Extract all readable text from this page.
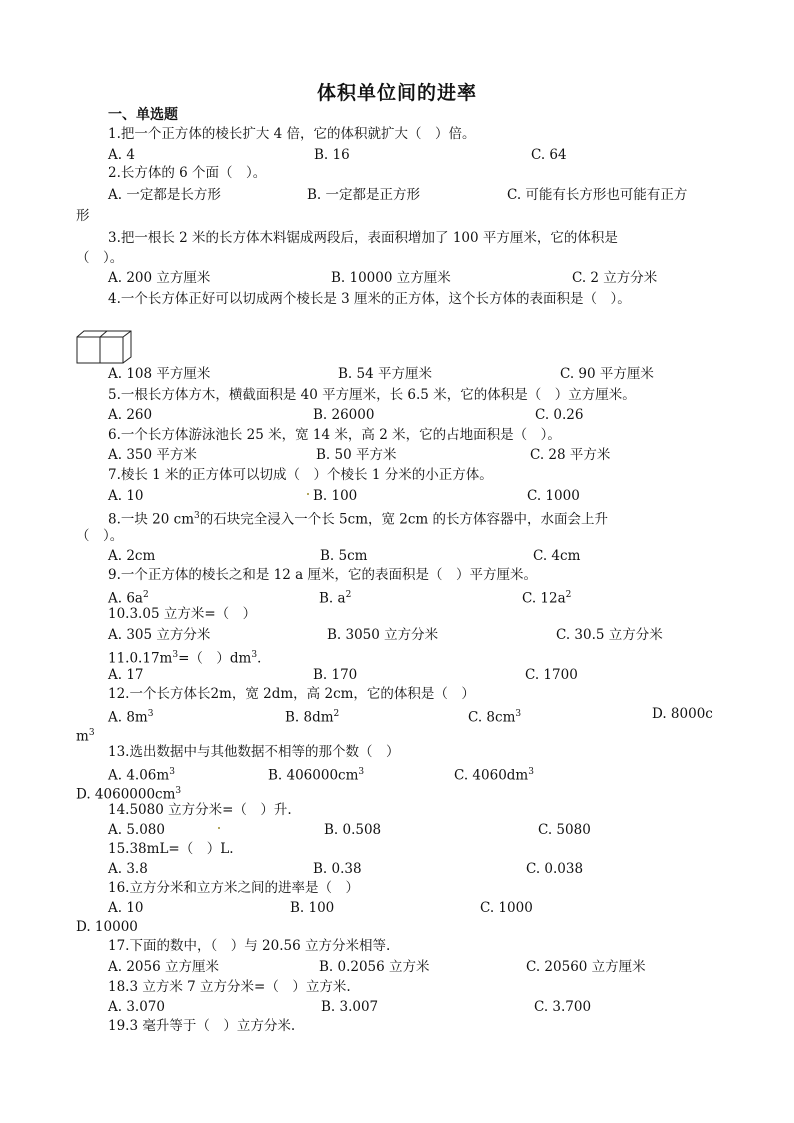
体积单位间的进率
一、单选题
1.把一个正方体的棱长扩大 4 倍，它的体积就扩大（　）倍。
A. 4	B. 16	C. 64
2.长方体的 6 个面（　）。
A. 一定都是长方形	B. 一定都是正方形	C. 可能有长方形也可能有正方
形
3.把一根长 2 米的长方体木料锯成两段后，表面积增加了 100 平方厘米，它的体积是
（　）。
A. 200 立方厘米	B. 10000 立方厘米	C. 2 立方分米
4.一个长方体正好可以切成两个棱长是 3 厘米的正方体，这个长方体的表面积是（　）。
A. 108 平方厘米	B. 54 平方厘米	C. 90 平方厘米
5.一根长方体方木，横截面积是 40 平方厘米，长 6.5 米，它的体积是（　）立方厘米。
A. 260	B. 26000	C. 0.26
6.一个长方体游泳池长 25 米，宽 14 米，高 2 米，它的占地面积是（　）。
A. 350 平方米	B. 50 平方米	C. 28 平方米
7.棱长 1 米的正方体可以切成（　）个棱长 1 分米的小正方体。
A. 10	B. 100	C. 1000
8.一块 20 $cm^3$的石块完全浸入一个长 5cm，宽 2cm 的长方体容器中，水面会上升
（　）。
A. 2cm	B. 5cm	C. 4cm
9.一个正方体的棱长之和是 12 a 厘米，它的表面积是（　）平方厘米。
A. $6a^2$	B. $a^2$	C. $12a^2$
10.3.05 立方米=（　）
A. 305 立方分米	B. 3050 立方分米	C. 30.5 立方分米
$11.0.17m^3=$（　）$dm^3$．
A. 17	B. 170	C. 1700
12.一个长方体长2m，宽 2dm，高 2cm，它的体积是（　）
A. $8m^3$	B. $8dm^2$	C. $8cm^3$	D. 8000c
$m^3$
13.选出数据中与其他数据不相等的那个数（　）
A. $4.06m^3$	B. $406000cm^3$	C. $4060dm^3$
D. $4060000cm^3$
14.5080 立方分米=（　）升.
A. 5.080	B. 0.508	C. 5080
15.38mL=（　）L.
A. 3.8	B. 0.38	C. 0.038
16.立方分米和立方米之间的进率是（　）
A. 10	B. 100	C. 1000
D. 10000
17.下面的数中，（　）与 20.56 立方分米相等.
A. 2056 立方厘米	B. 0.2056 立方米	C. 20560 立方厘米
18.3 立方米 7 立方分米=（　）立方米.
A. 3.070	B. 3.007	C. 3.700
19.3 毫升等于（　）立方分米.
